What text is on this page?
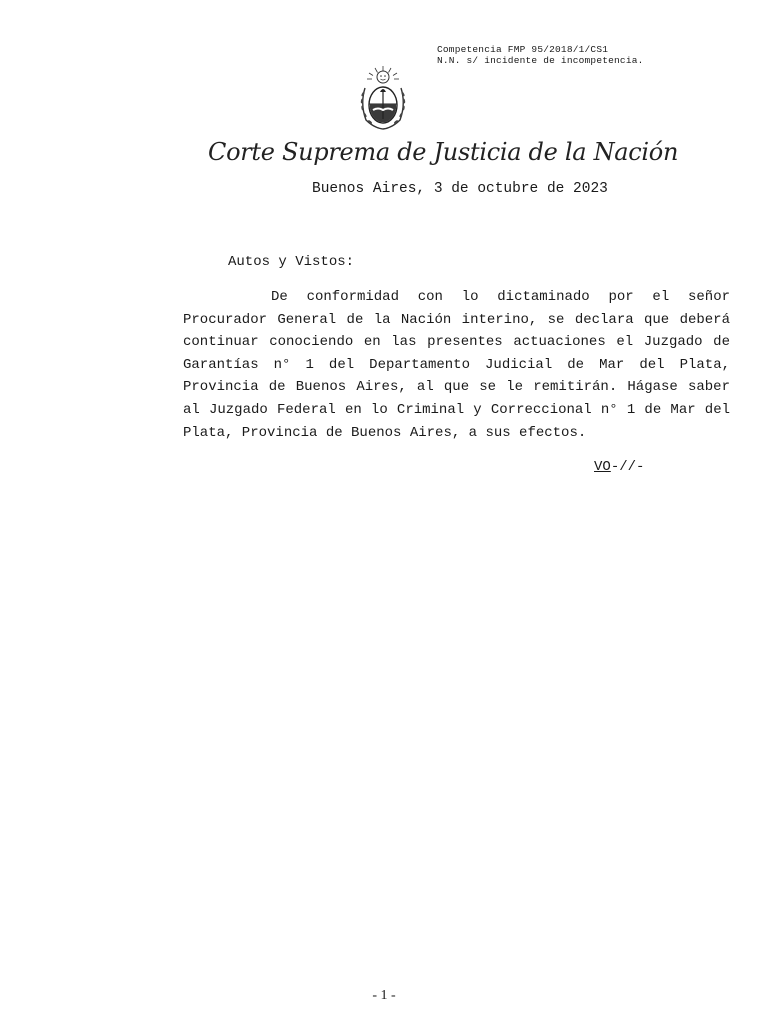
Competencia FMP 95/2018/1/CS1
N.N. s/ incidente de incompetencia.
Corte Suprema de Justicia de la Nación
Buenos Aires, 3 de octubre de 2023
Autos y Vistos:

De conformidad con lo dictaminado por el señor Procurador General de la Nación interino, se declara que deberá continuar conociendo en las presentes actuaciones el Juzgado de Garantías n° 1 del Departamento Judicial de Mar del Plata, Provincia de Buenos Aires, al que se le remitirán. Hágase saber al Juzgado Federal en lo Criminal y Correccional n° 1 de Mar del Plata, Provincia de Buenos Aires, a sus efectos.

VO-//-
- 1 -
